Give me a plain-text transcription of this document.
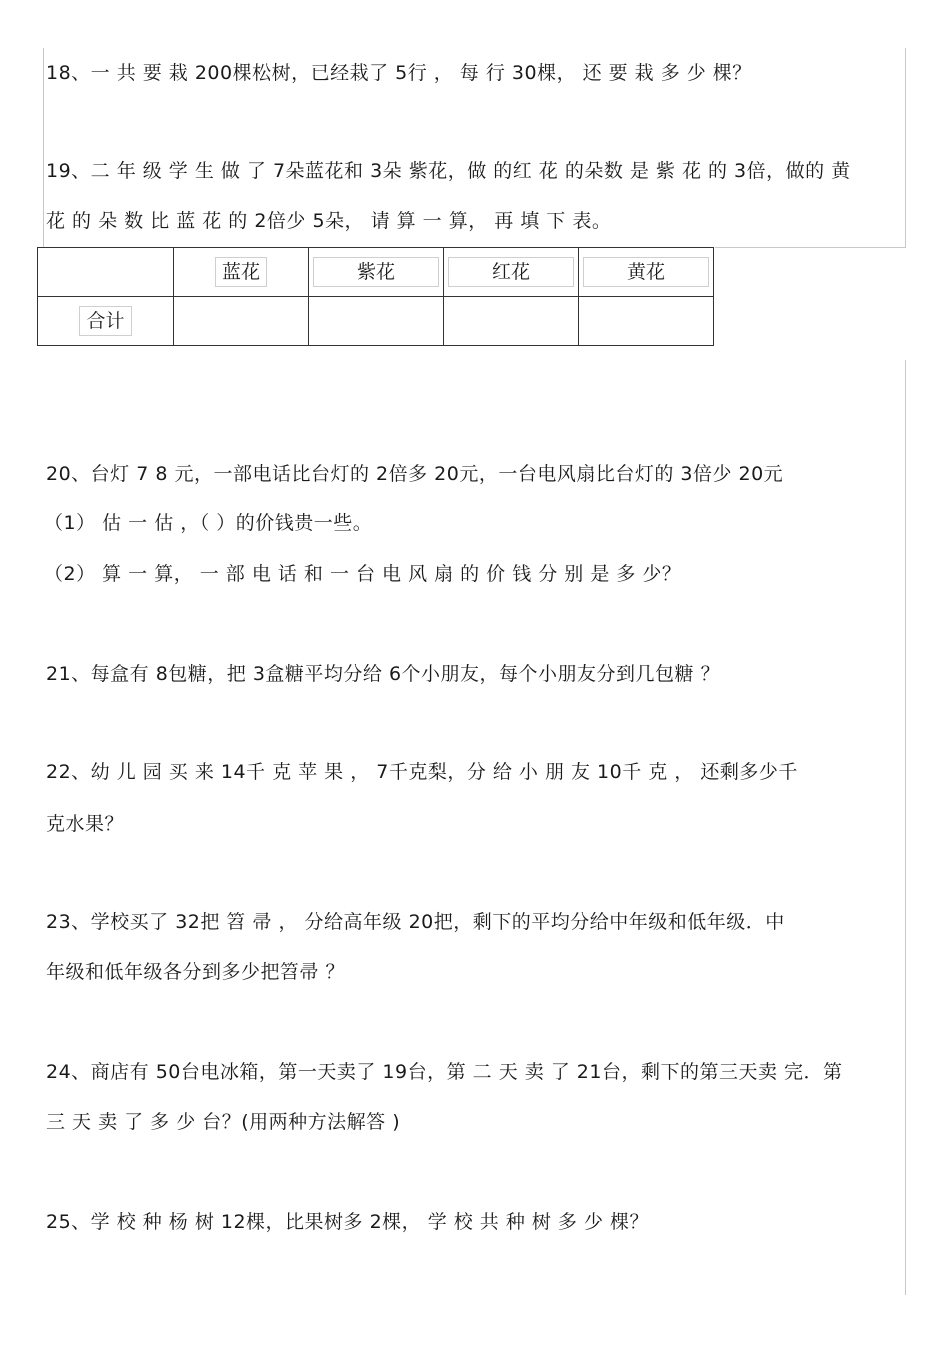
18、一 共 要 栽 200棵松树，已经栽了 5行 ， 每 行 30棵， 还 要 栽 多 少 棵？
19、二 年 级 学 生 做 了 7朵蓝花和 3朵 紫花，做 的红 花 的朵数 是 紫 花 的 3倍，做的 黄
花 的 朵 数 比 蓝 花 的 2倍少 5朵， 请 算 一 算， 再 填 下 表。
	蓝花	紫花	红花	黄花
合计				
20、台灯 7 8 元，一部电话比台灯的 2倍多 20元，一台电风扇比台灯的 3倍少 20元
（1） 估 一 估 ，（ ）的价钱贵一些。
（2） 算 一 算， 一 部 电 话 和 一 台 电 风 扇 的 价 钱 分 别 是 多 少？
21、每盒有 8包糖，把 3盒糖平均分给 6个小朋友，每个小朋友分到几包糖 ？
22、幼 儿 园 买 来 14千 克 苹 果 ， 7千克梨，分 给 小 朋 友 10千 克 ， 还剩多少千
克水果？
23、学校买了 32把 笤 帚 ， 分给高年级 20把，剩下的平均分给中年级和低年级．中
年级和低年级各分到多少把笤帚 ？
24、商店有 50台电冰箱，第一天卖了 19台，第 二 天 卖 了 21台，剩下的第三天卖 完．第
三 天 卖 了 多 少 台？(用两种方法解答 )
25、学 校 种 杨 树 12棵，比果树多 2棵， 学 校 共 种 树 多 少 棵？
